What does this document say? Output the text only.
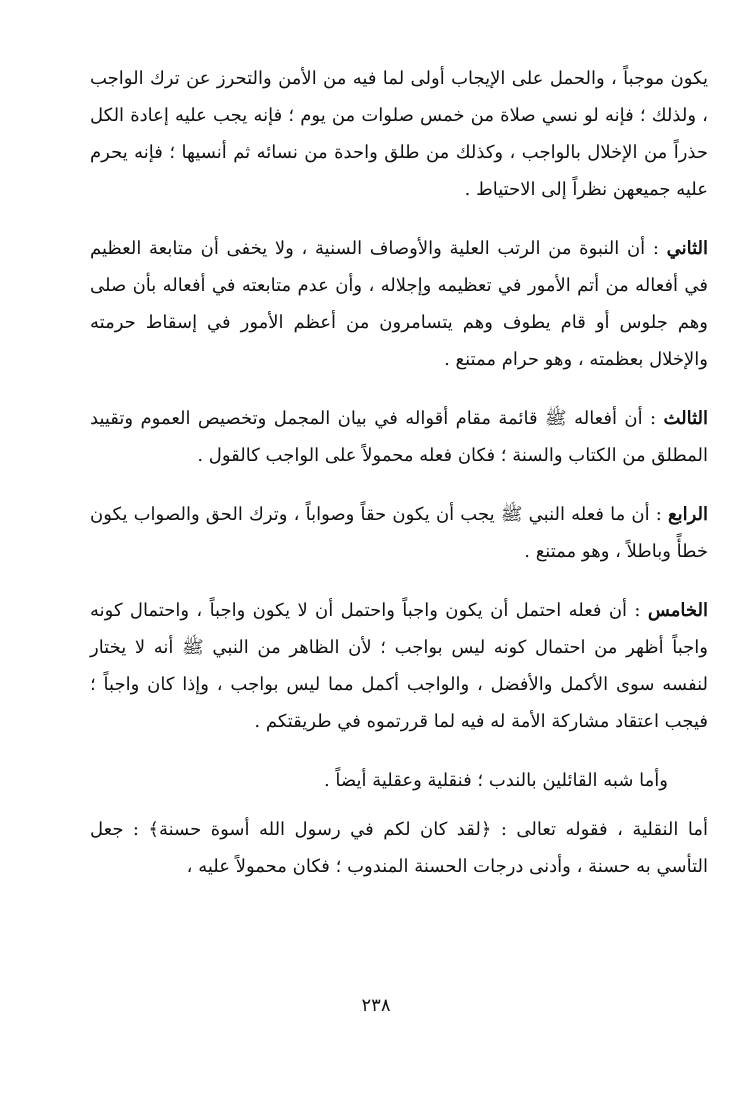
يكون موجباً ، والحمل على الإيجاب أولى لما فيه من الأمن والتحرز عن ترك الواجب ، ولذلك ؛ فإنه لو نسي صلاة من خمس صلوات من يوم ؛ فإنه يجب عليه إعادة الكل حذراً من الإخلال بالواجب ، وكذلك من طلق واحدة من نسائه ثم أنسيها ؛ فإنه يحرم عليه جميعهن نظراً إلى الاحتياط .

الثاني : أن النبوة من الرتب العلية والأوصاف السنية ، ولا يخفى أن متابعة العظيم في أفعاله من أتم الأمور في تعظيمه وإجلاله ، وأن عدم متابعته في أفعاله بأن صلى وهم جلوس أو قام يطوف وهم يتسامرون من أعظم الأمور في إسقاط حرمته والإخلال بعظمته ، وهو حرام ممتنع .

الثالث : أن أفعاله ﷺ قائمة مقام أقواله في بيان المجمل وتخصيص العموم وتقييد المطلق من الكتاب والسنة ؛ فكان فعله محمولاً على الواجب كالقول .

الرابع : أن ما فعله النبي ﷺ يجب أن يكون حقاً وصواباً ، وترك الحق والصواب يكون خطأً وباطلاً ، وهو ممتنع .

الخامس : أن فعله احتمل أن يكون واجباً واحتمل أن لا يكون واجباً ، واحتمال كونه واجباً أظهر من احتمال كونه ليس بواجب ؛ لأن الظاهر من النبي ﷺ أنه لا يختار لنفسه سوى الأكمل والأفضل ، والواجب أكمل مما ليس بواجب ، وإذا كان واجباً ؛ فيجب اعتقاد مشاركة الأمة له فيه لما قررتموه في طريقتكم .

وأما شبه القائلين بالندب ؛ فنقلية وعقلية أيضاً .

أما النقلية ، فقوله تعالى : ﴿لقد كان لكم في رسول الله أسوة حسنة﴾ : جعل التأسي به حسنة ، وأدنى درجات الحسنة المندوب ؛ فكان محمولاً عليه ،

٢٣٨
